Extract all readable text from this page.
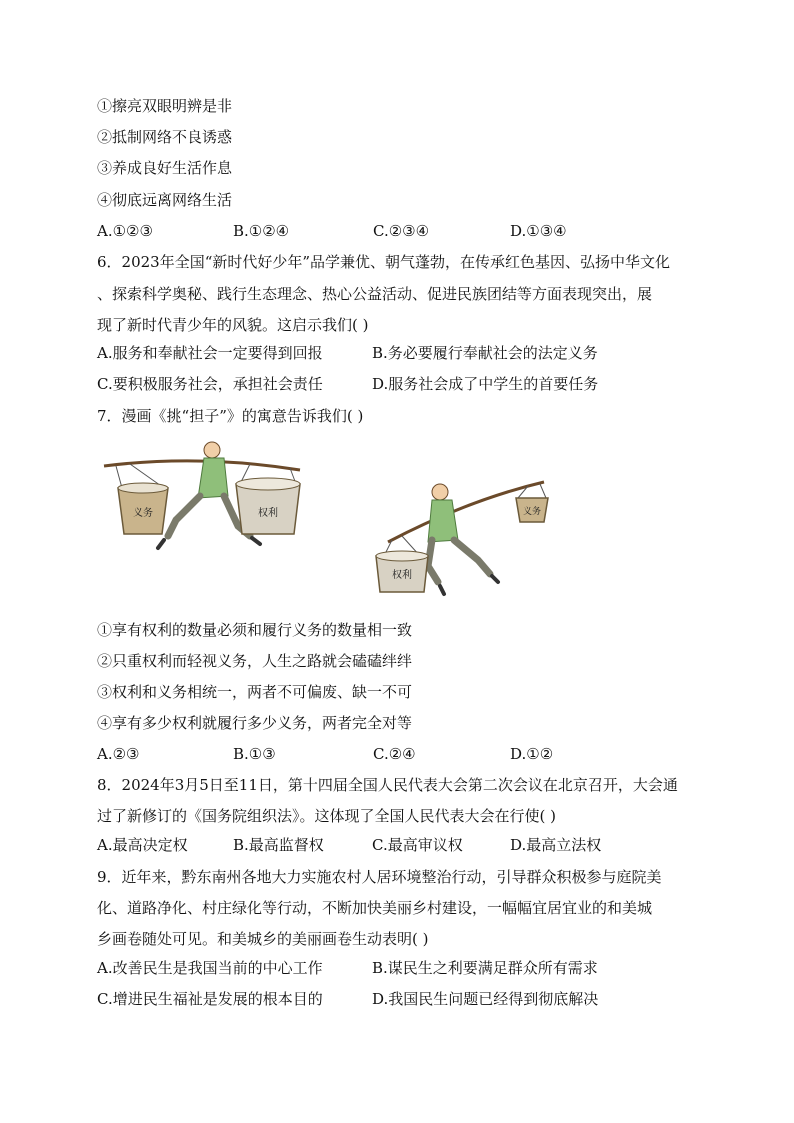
①擦亮双眼明辨是非
②抵制网络不良诱惑
③养成良好生活作息
④彻底远离网络生活
A.①②③	B.①②④	C.②③④	D.①③④
6．2023年全国“新时代好少年”品学兼优、朝气蓬勃，在传承红色基因、弘扬中华文化
、探索科学奥秘、践行生态理念、热心公益活动、促进民族团结等方面表现突出，展
现了新时代青少年的风貌。这启示我们( )
A.服务和奉献社会一定要得到回报	B.务必要履行奉献社会的法定义务
C.要积极服务社会，承担社会责任	D.服务社会成了中学生的首要任务
7．漫画《挑“担子”》的寓意告诉我们( )
义务	权利	义务
权利
①享有权利的数量必须和履行义务的数量相一致
②只重权利而轻视义务，人生之路就会磕磕绊绊
③权利和义务相统一，两者不可偏废、缺一不可
④享有多少权利就履行多少义务，两者完全对等
A.②③	B.①③	C.②④	D.①②
8．2024年3月5日至11日，第十四届全国人民代表大会第二次会议在北京召开，大会通
过了新修订的《国务院组织法》。这体现了全国人民代表大会在行使( )
A.最高决定权	B.最高监督权	C.最高审议权	D.最高立法权
9．近年来，黔东南州各地大力实施农村人居环境整治行动，引导群众积极参与庭院美
化、道路净化、村庄绿化等行动，不断加快美丽乡村建设，一幅幅宜居宜业的和美城
乡画卷随处可见。和美城乡的美丽画卷生动表明( )
A.改善民生是我国当前的中心工作	B.谋民生之利要满足群众所有需求
C.增进民生福祉是发展的根本目的	D.我国民生问题已经得到彻底解决
